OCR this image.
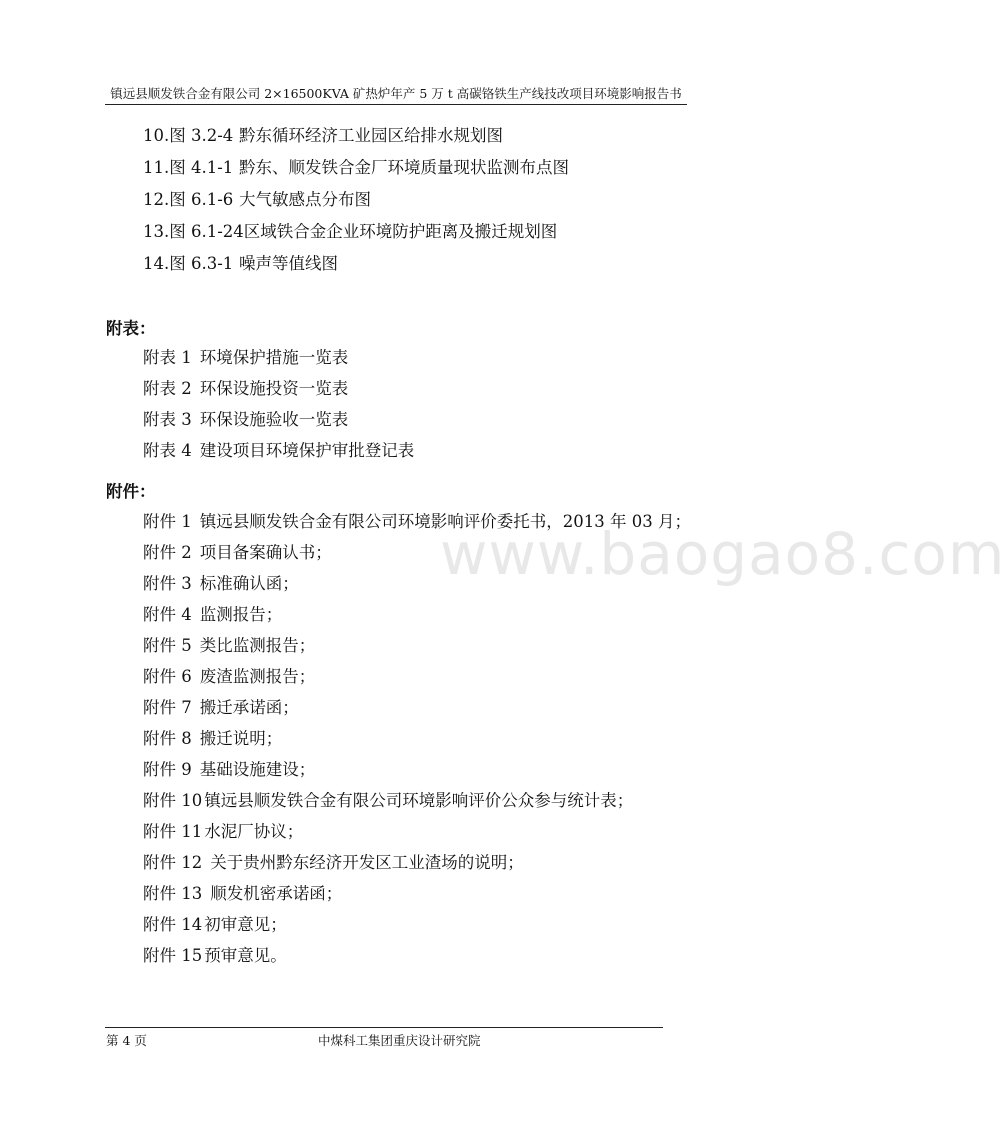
镇远县顺发铁合金有限公司 2×16500KVA 矿热炉年产 5 万 t 高碳铬铁生产线技改项目环境影响报告书
10.图 3.2-4 黔东循环经济工业园区给排水规划图
11.图 4.1-1 黔东、顺发铁合金厂环境质量现状监测布点图
12.图 6.1-6 大气敏感点分布图
13.图 6.1-24区域铁合金企业环境防护距离及搬迁规划图
14.图 6.3-1 噪声等值线图
附表：
附表 1 环境保护措施一览表
附表 2 环保设施投资一览表
附表 3 环保设施验收一览表
附表 4 建设项目环境保护审批登记表
附件：
附件 1 镇远县顺发铁合金有限公司环境影响评价委托书，2013 年 03 月；
附件 2 项目备案确认书；
附件 3 标准确认函；
附件 4 监测报告；
附件 5 类比监测报告；
附件 6 废渣监测报告；
附件 7 搬迁承诺函；
附件 8 搬迁说明；
附件 9 基础设施建设；
附件 10 镇远县顺发铁合金有限公司环境影响评价公众参与统计表；
附件 11 水泥厂协议；
附件 12 关于贵州黔东经济开发区工业渣场的说明；
附件 13 顺发机密承诺函；
附件 14 初审意见；
附件 15 预审意见。
www.baogao8.com
第 4 页	中煤科工集团重庆设计研究院
